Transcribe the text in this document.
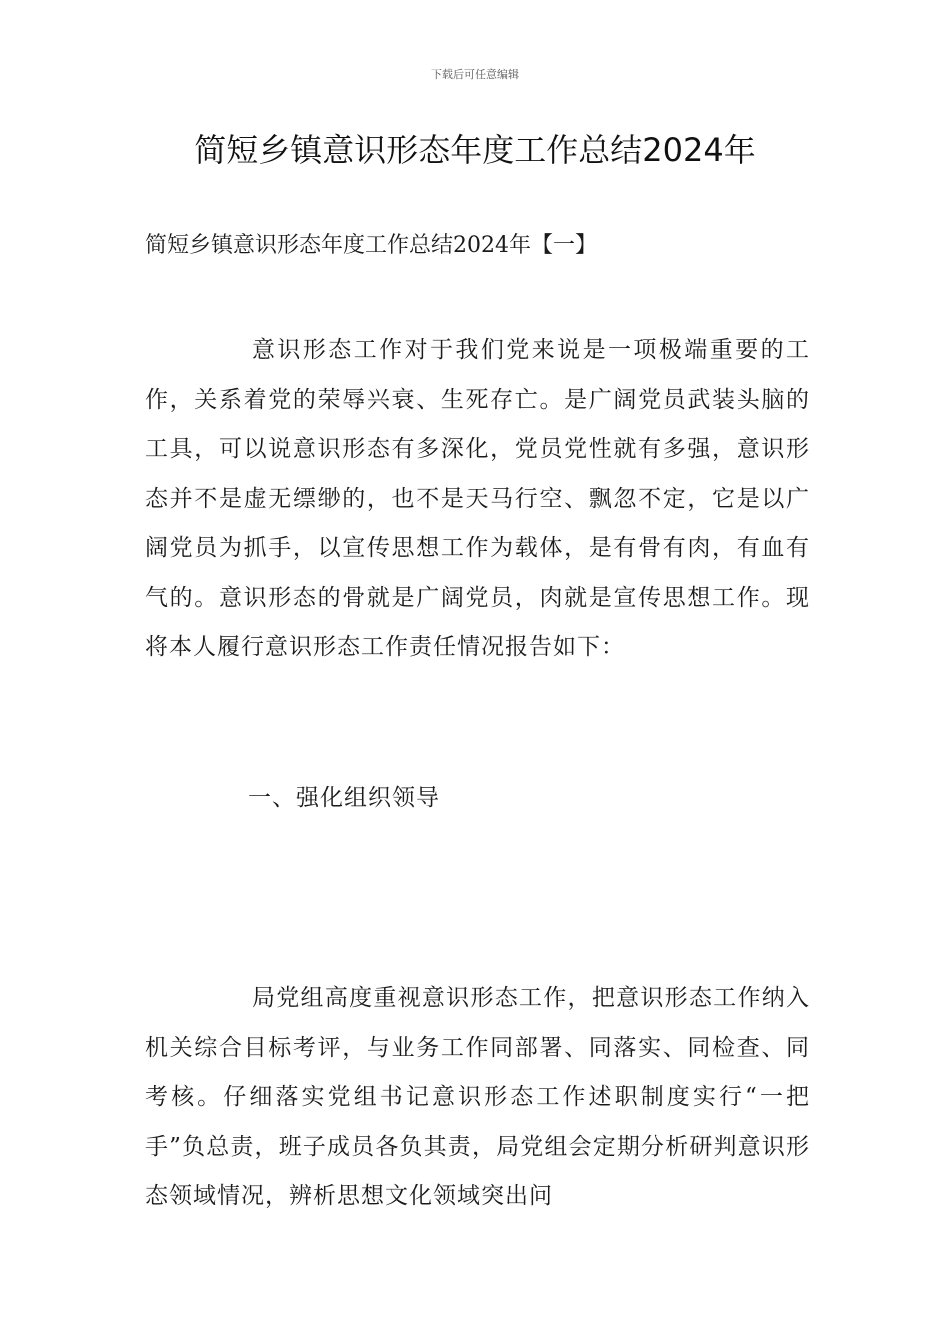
下载后可任意编辑
简短乡镇意识形态年度工作总结2024年
简短乡镇意识形态年度工作总结2024年【一】

意识形态工作对于我们党来说是一项极端重要的工作，关系着党的荣辱兴衰、生死存亡。是广阔党员武装头脑的工具，可以说意识形态有多深化，党员党性就有多强，意识形态并不是虚无缥缈的，也不是天马行空、飘忽不定，它是以广阔党员为抓手，以宣传思想工作为载体，是有骨有肉，有血有气的。意识形态的骨就是广阔党员，肉就是宣传思想工作。现将本人履行意识形态工作责任情况报告如下：

一、强化组织领导

局党组高度重视意识形态工作，把意识形态工作纳入机关综合目标考评，与业务工作同部署、同落实、同检查、同考核。仔细落实党组书记意识形态工作述职制度实行“一把手”负总责，班子成员各负其责，局党组会定期分析研判意识形态领域情况，辨析思想文化领域突出问
